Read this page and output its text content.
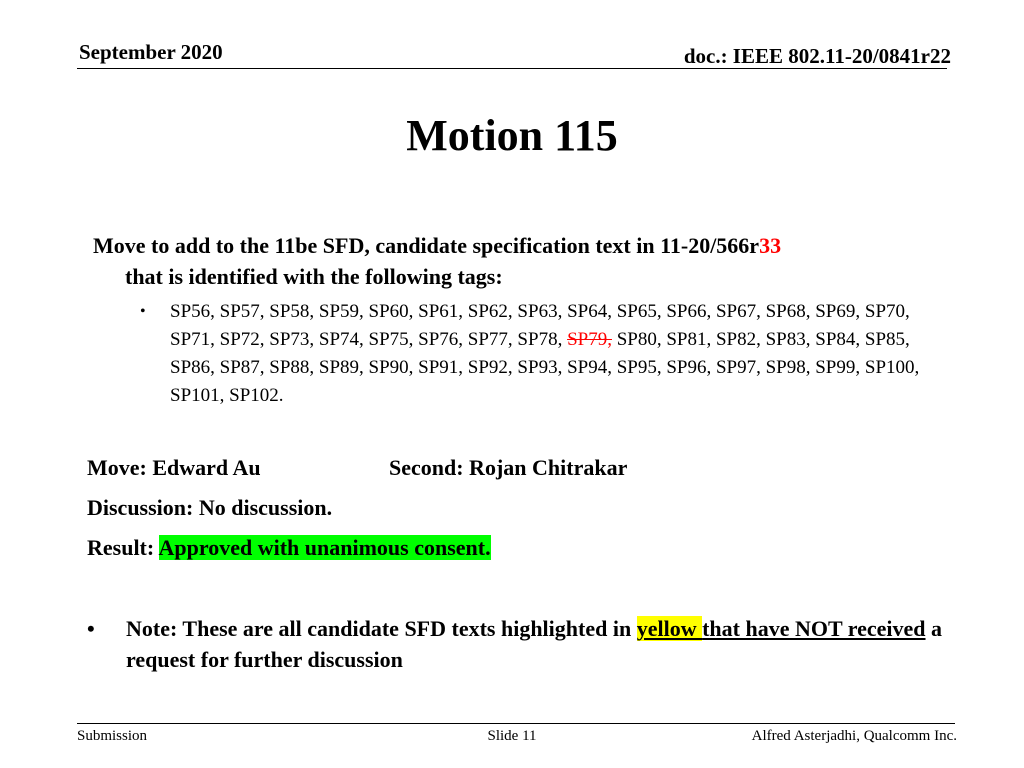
September 2020	doc.: IEEE 802.11-20/0841r22
Motion 115
Move to add to the 11be SFD, candidate specification text in 11-20/566r33
that is identified with the following tags:
•	SP56, SP57, SP58, SP59, SP60, SP61, SP62, SP63, SP64, SP65, SP66, SP67, SP68, SP69, SP70, SP71, SP72, SP73, SP74, SP75, SP76, SP77, SP78, SP79, SP80, SP81, SP82, SP83, SP84, SP85, SP86, SP87, SP88, SP89, SP90, SP91, SP92, SP93, SP94, SP95, SP96, SP97, SP98, SP99, SP100, SP101, SP102.
Move: Edward Au	Second: Rojan Chitrakar
Discussion: No discussion.
Result: Approved with unanimous consent.
•	Note: These are all candidate SFD texts highlighted in yellow that have NOT received a request for further discussion
Submission	Slide 11	Alfred Asterjadhi, Qualcomm Inc.
